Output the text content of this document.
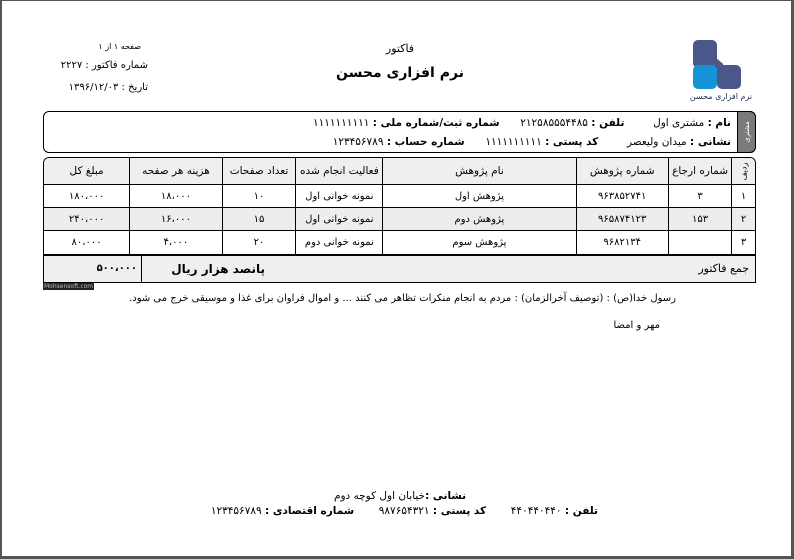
صفحه ۱ از ۱
شماره فاکتور : ۲۲۲۷
تاریخ : ۱۳۹۶/۱۲/۰۳
فاکتور
نرم افزاری محسن
نرم افزاری محسن
مشتری
نام : مشتری اول  تلفن : ۲۱۲۵۸۵۵۵۴۴۸۵  شماره ثبت/شماره ملی : ۱۱۱۱۱۱۱۱۱۱
نشانی : میدان ولیعصر  کد پستی : ۱۱۱۱۱۱۱۱۱۱  شماره حساب : ۱۲۳۴۵۶۷۸۹
ردیف	شماره ارجاع	شماره پژوهش	نام پژوهش	فعالیت انجام شده	تعداد صفحات	هزینه هر صفحه	مبلغ کل
۱	۳	۹۶۳۸۵۲۷۴۱	پژوهش اول	نمونه خوانی اول	۱۰	۱۸،۰۰۰	۱۸۰،۰۰۰
۲	۱۵۳	۹۶۵۸۷۴۱۲۳	پژوهش دوم	نمونه خوانی اول	۱۵	۱۶،۰۰۰	۲۴۰،۰۰۰
۳		۹۶۸۲۱۳۴	پژوهش سوم	نمونه خوانی دوم	۲۰	۴،۰۰۰	۸۰،۰۰۰
جمع فاکتور
پانصد هزار ریال
۵۰۰،۰۰۰
Mohsensoft.com
رسول خدا(ص) : (توصیف آخرالزمان) : مردم به انجام منکرات تظاهر می کنند ... و اموال فراوان برای غذا و موسیقی خرج می شود.
مهر و امضا
نشانی :خیابان اول کوچه دوم
تلفن : ۴۴۰۴۴۰۴۴۰  کد پستی : ۹۸۷۶۵۴۳۲۱  شماره اقتصادی : ۱۲۳۴۵۶۷۸۹
